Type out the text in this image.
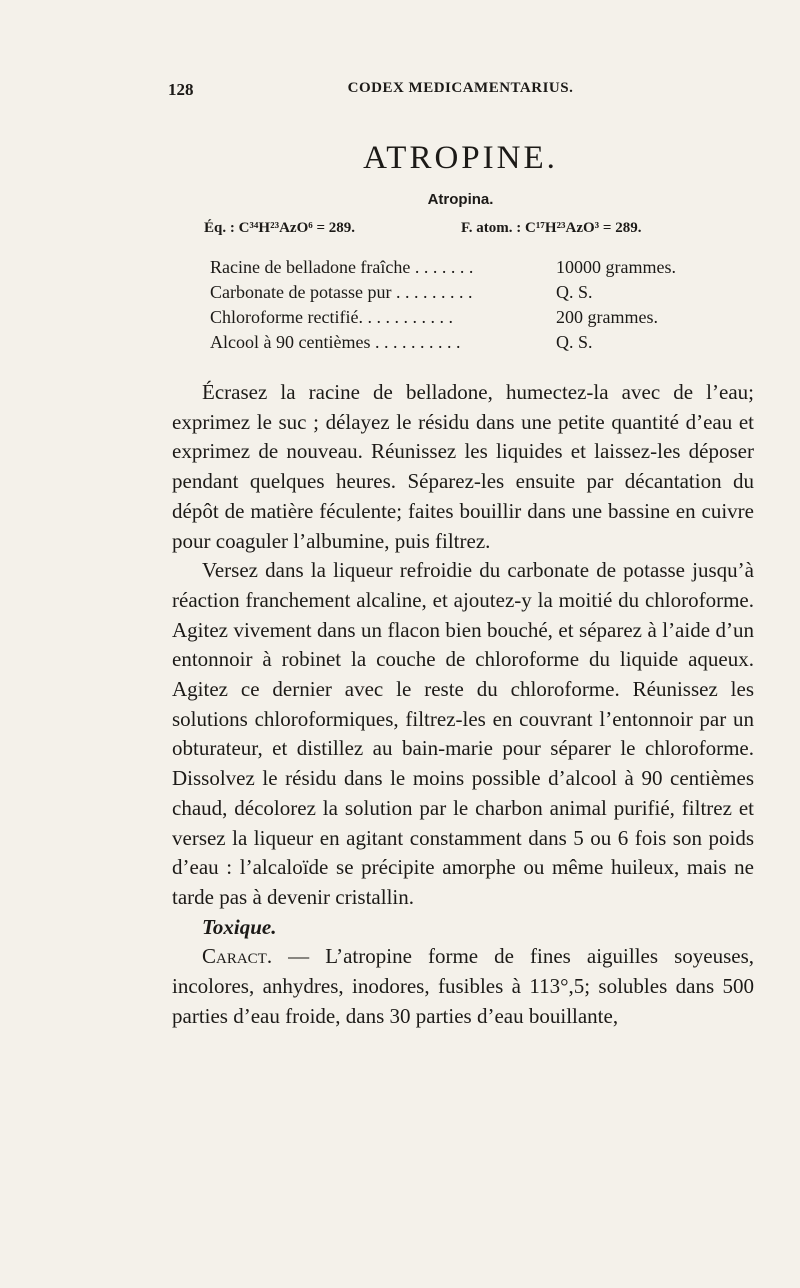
128	CODEX MEDICAMENTARIUS.
ATROPINE.
Atropina.
Éq. : C³⁴H²³AzO⁶ = 289.	F. atom. : C¹⁷H²³AzO³ = 289.
Racine de belladone fraîche . . . . . . .	10000 grammes.
Carbonate de potasse pur . . . . . . . . .	Q. S.
Chloroforme rectifié. . . . . . . . . . .	200 grammes.
Alcool à 90 centièmes . . . . . . . . . .	Q. S.

Écrasez la racine de belladone, humectez-la avec de l’eau; exprimez le suc ; délayez le résidu dans une petite quantité d’eau et exprimez de nouveau. Réunissez les liquides et laissez-les déposer pendant quelques heures. Séparez-les ensuite par décantation du dépôt de matière féculente; faites bouillir dans une bassine en cuivre pour coaguler l’albumine, puis filtrez.

Versez dans la liqueur refroidie du carbonate de potasse jusqu’à réaction franchement alcaline, et ajoutez-y la moitié du chloroforme. Agitez vivement dans un flacon bien bouché, et séparez à l’aide d’un entonnoir à robinet la couche de chloroforme du liquide aqueux. Agitez ce dernier avec le reste du chloroforme. Réunissez les solutions chloroformiques, filtrez-les en couvrant l’entonnoir par un obturateur, et distillez au bain-marie pour séparer le chloroforme. Dissolvez le résidu dans le moins possible d’alcool à 90 centièmes chaud, décolorez la solution par le charbon animal purifié, filtrez et versez la liqueur en agitant constamment dans 5 ou 6 fois son poids d’eau : l’alcaloïde se précipite amorphe ou même huileux, mais ne tarde pas à devenir cristallin.

Toxique.

Caract. — L’atropine forme de fines aiguilles soyeuses, incolores, anhydres, inodores, fusibles à 113°,5; solubles dans 500 parties d’eau froide, dans 30 parties d’eau bouillante,
